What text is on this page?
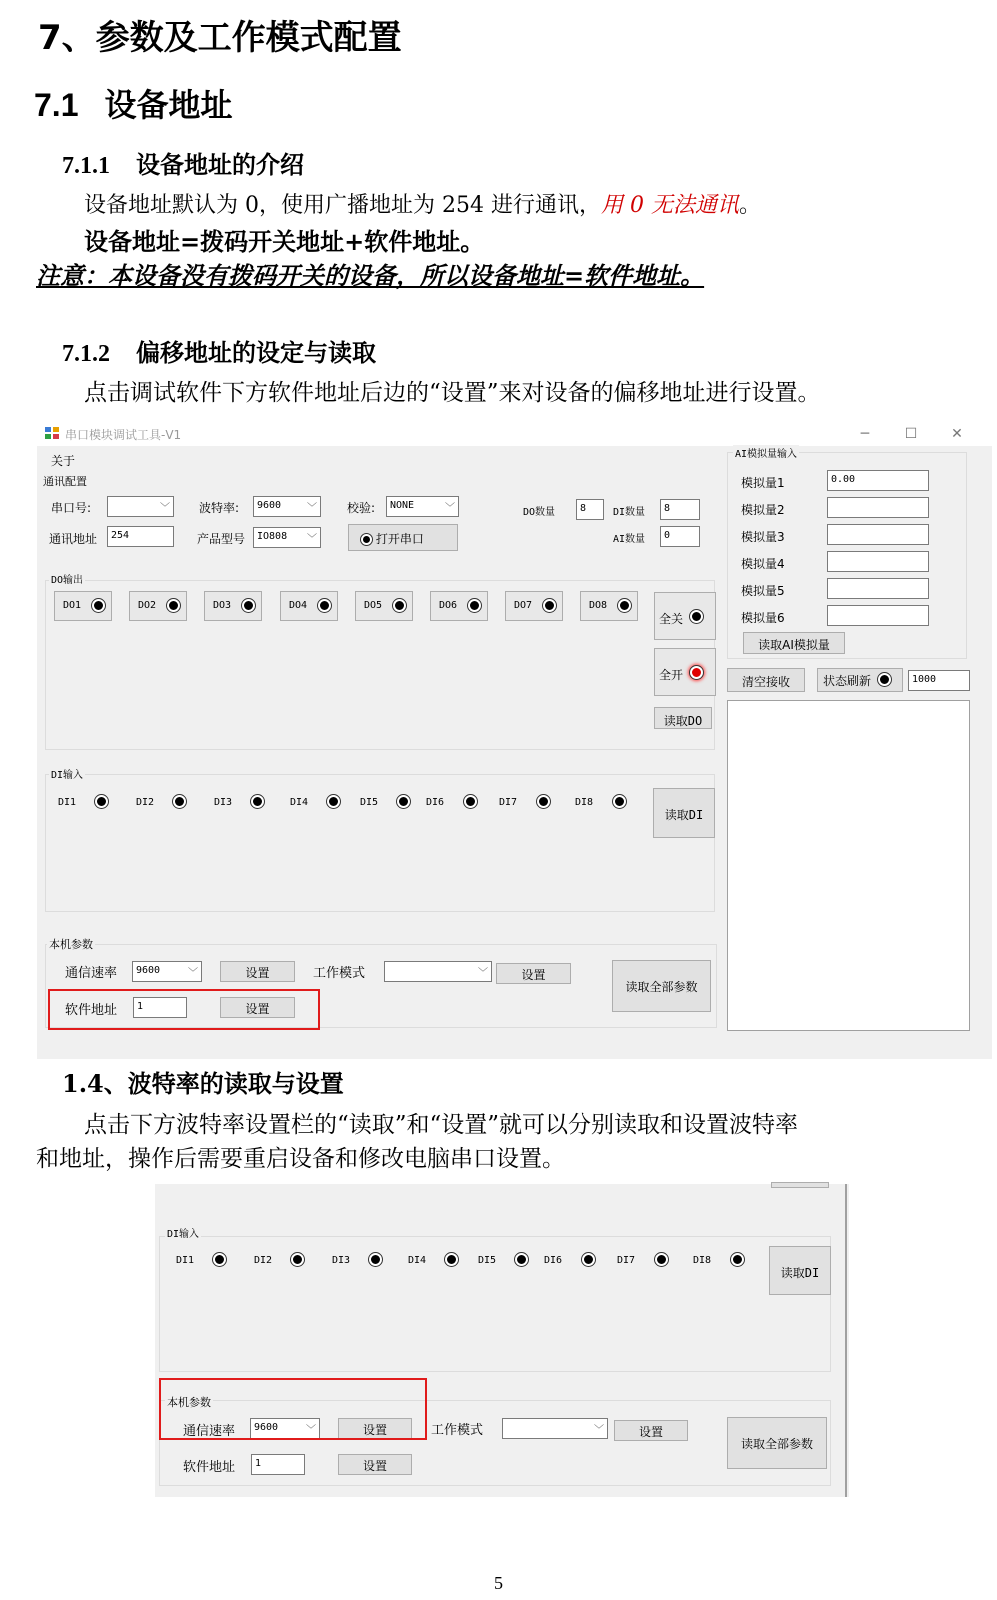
7、参数及工作模式配置
7.1 设备地址
7.1.1 设备地址的介绍
设备地址默认为 0，使用广播地址为 254 进行通讯，用 0 无法通讯。
设备地址=拨码开关地址+软件地址。
注意：本设备没有拨码开关的设备，所以设备地址=软件地址。
7.1.2 偏移地址的设定与读取
点击调试软件下方软件地址后边的“设置”来对设备的偏移地址进行设置。
串口模块调试工具-V1	─	☐	✕
关于
通讯配置
串口号:	﹀ 波特率:	9600	﹀	校验:	NONE	﹀
通讯地址	254	产品型号	IO808 ﹀	打开串口
DO数量	8	DI数量	8
AI数量	0
DO输出
DO1	DO2	DO3	DO4	DO5	DO6	DO7	DO8
全关
全开
读取DO
DI输入
DI1	DI2	DI3	DI4	DI5	DI6	DI7	DI8
读取DI
本机参数
通信速率	9600	﹀	设置	工作模式	﹀	设置
读取全部参数
软件地址	1	设置
AI模拟量输入
模拟量1	0.00
模拟量2
模拟量3
模拟量4
模拟量5
模拟量6
读取AI模拟量
清空接收	状态刷新	1000
1.4、波特率的读取与设置
点击下方波特率设置栏的“读取”和“设置”就可以分别读取和设置波特率
和地址，操作后需要重启设备和修改电脑串口设置。
DI输入
DI1	DI2	DI3	DI4	DI5	DI6	DI7	DI8
读取DI
本机参数
通信速率	9600	﹀	设置	工作模式	﹀	设置
读取全部参数
软件地址	1	设置
5
